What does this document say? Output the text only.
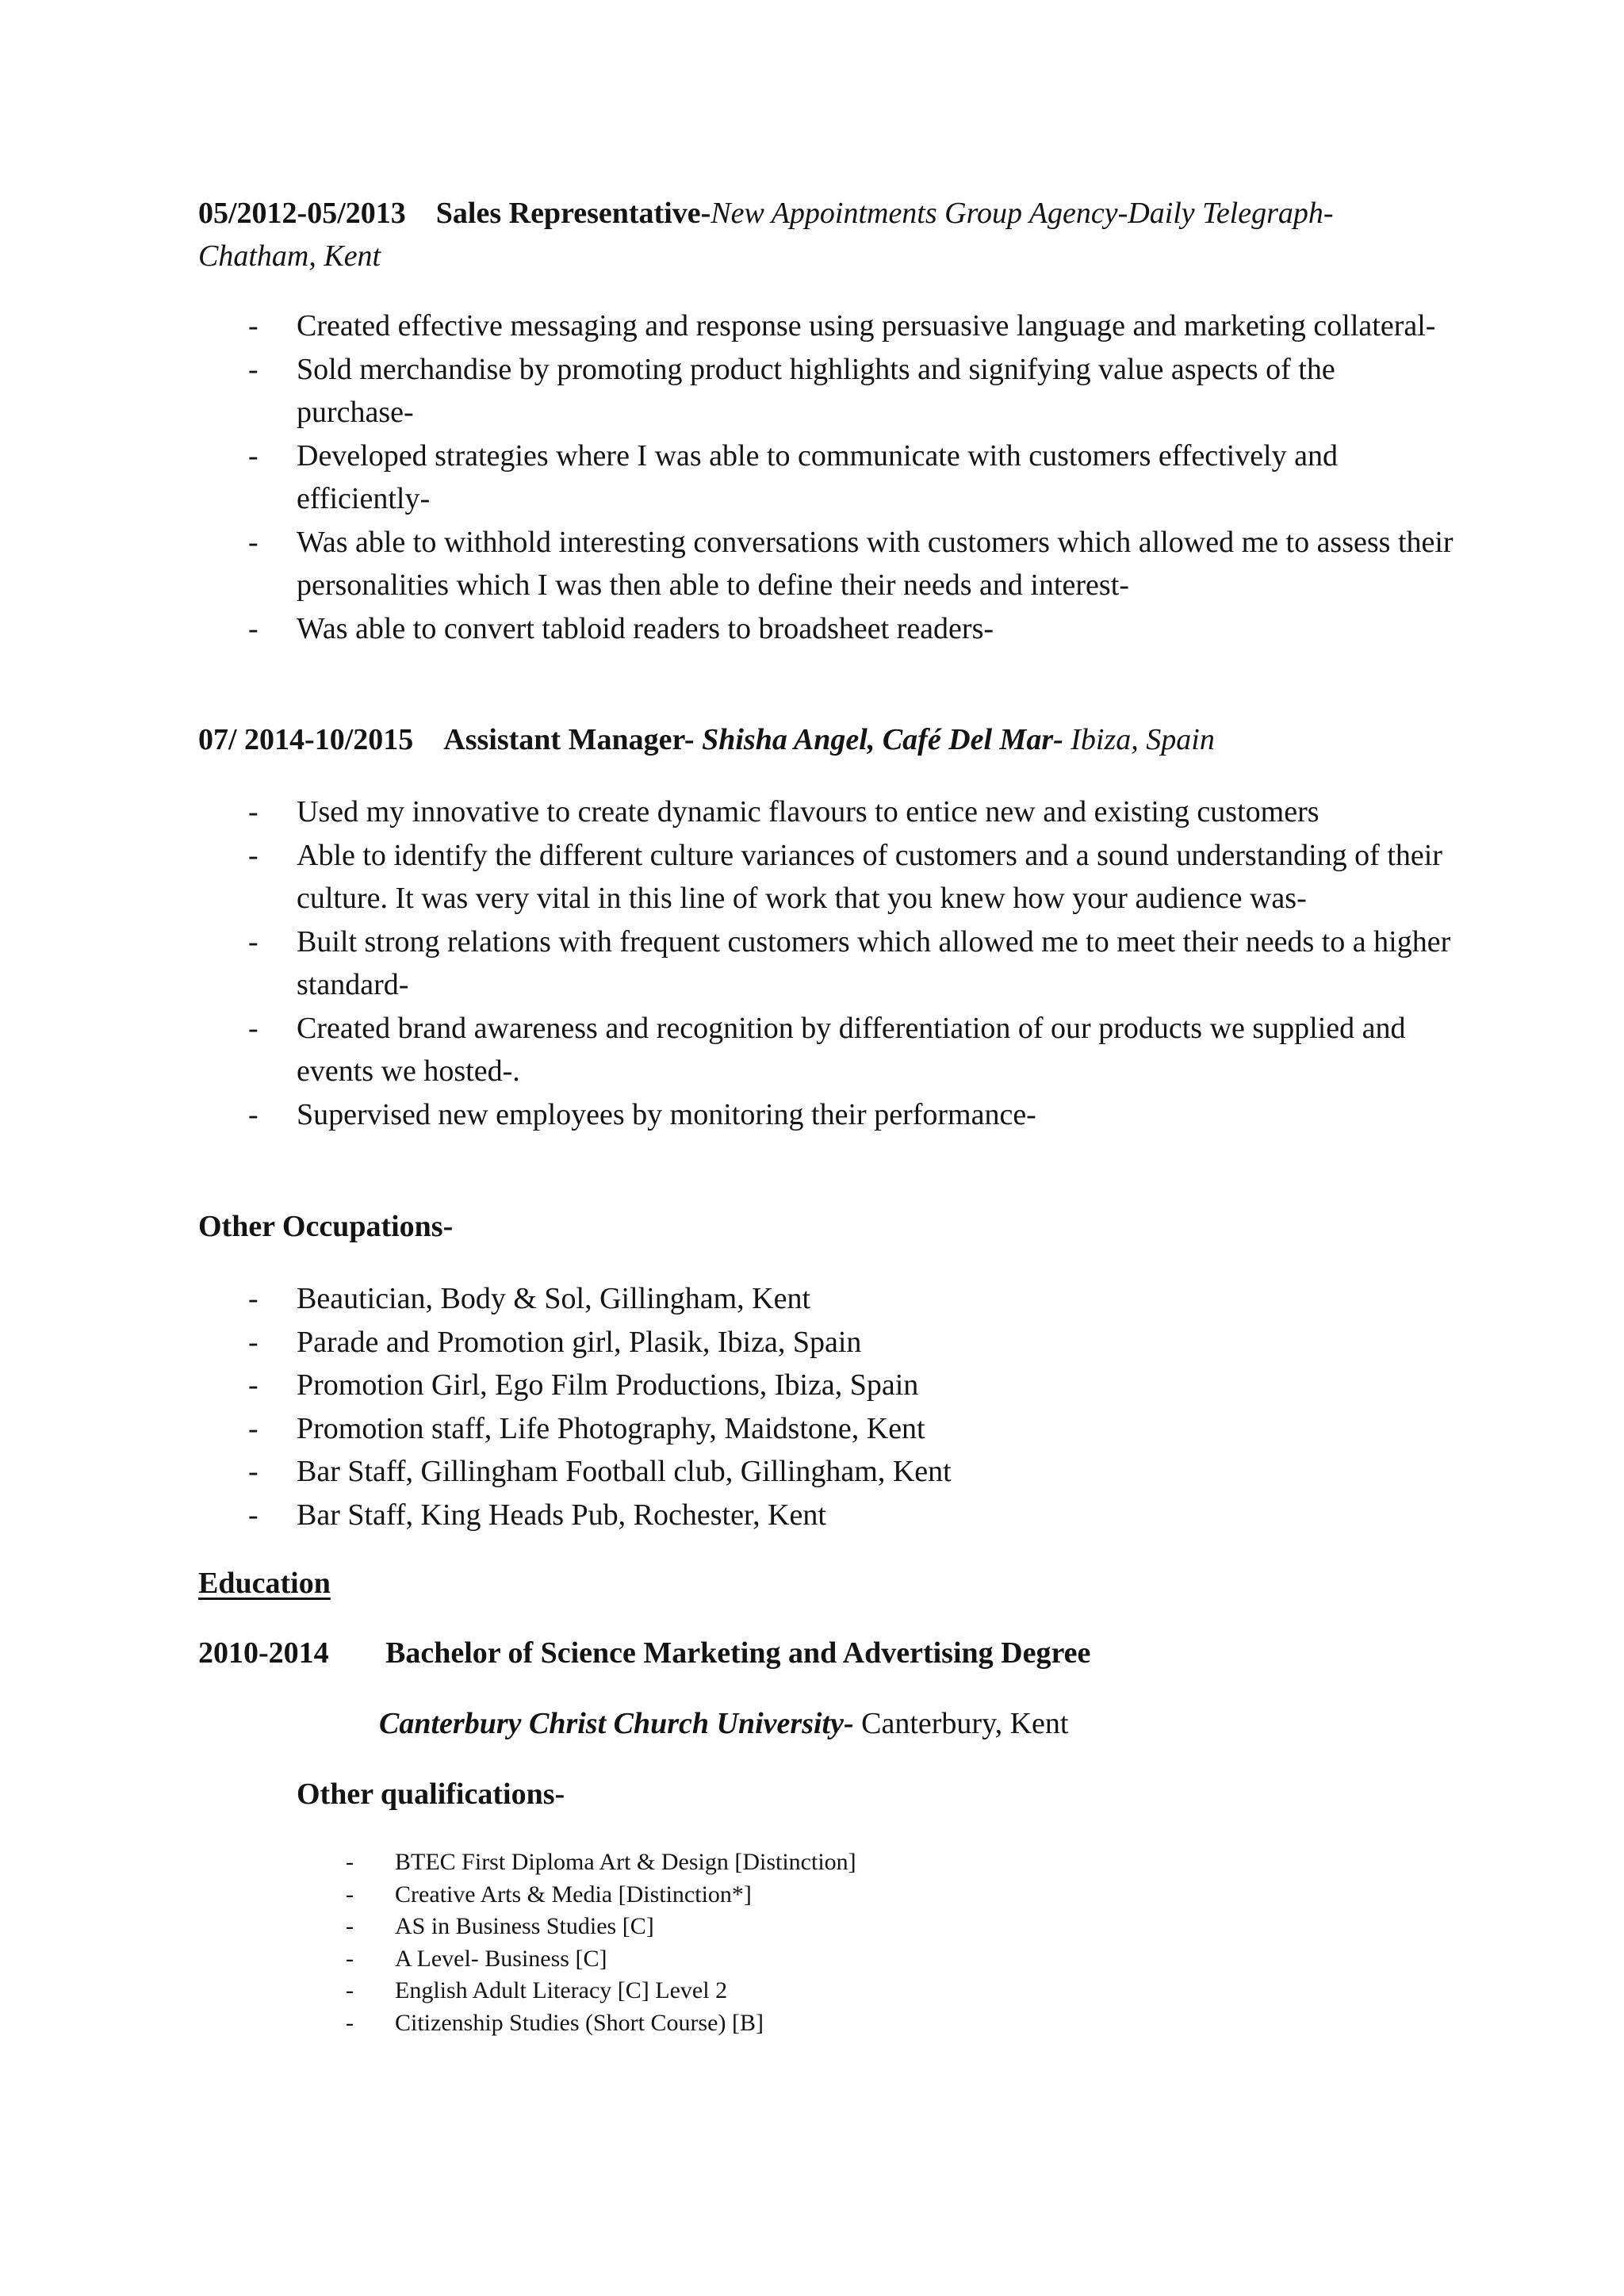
05/2012-05/2013 Sales Representative-New Appointments Group Agency-Daily Telegraph-
Chatham, Kent
- Created effective messaging and response using persuasive language and marketing collateral-
- Sold merchandise by promoting product highlights and signifying value aspects of the purchase-
- Developed strategies where I was able to communicate with customers effectively and efficiently-
- Was able to withhold interesting conversations with customers which allowed me to assess their personalities which I was then able to define their needs and interest-
- Was able to convert tabloid readers to broadsheet readers-
07/ 2014-10/2015 Assistant Manager- Shisha Angel, Café Del Mar- Ibiza, Spain
- Used my innovative to create dynamic flavours to entice new and existing customers
- Able to identify the different culture variances of customers and a sound understanding of their culture. It was very vital in this line of work that you knew how your audience was-
- Built strong relations with frequent customers which allowed me to meet their needs to a higher standard-
- Created brand awareness and recognition by differentiation of our products we supplied and events we hosted-.
- Supervised new employees by monitoring their performance-
Other Occupations-
- Beautician, Body & Sol, Gillingham, Kent
- Parade and Promotion girl, Plasik, Ibiza, Spain
- Promotion Girl, Ego Film Productions, Ibiza, Spain
- Promotion staff, Life Photography, Maidstone, Kent
- Bar Staff, Gillingham Football club, Gillingham, Kent
- Bar Staff, King Heads Pub, Rochester, Kent
Education
2010-2014 Bachelor of Science Marketing and Advertising Degree
Canterbury Christ Church University- Canterbury, Kent
Other qualifications-
- BTEC First Diploma Art & Design [Distinction]
- Creative Arts & Media [Distinction*]
- AS in Business Studies [C]
- A Level- Business [C]
- English Adult Literacy [C] Level 2
- Citizenship Studies (Short Course) [B]
